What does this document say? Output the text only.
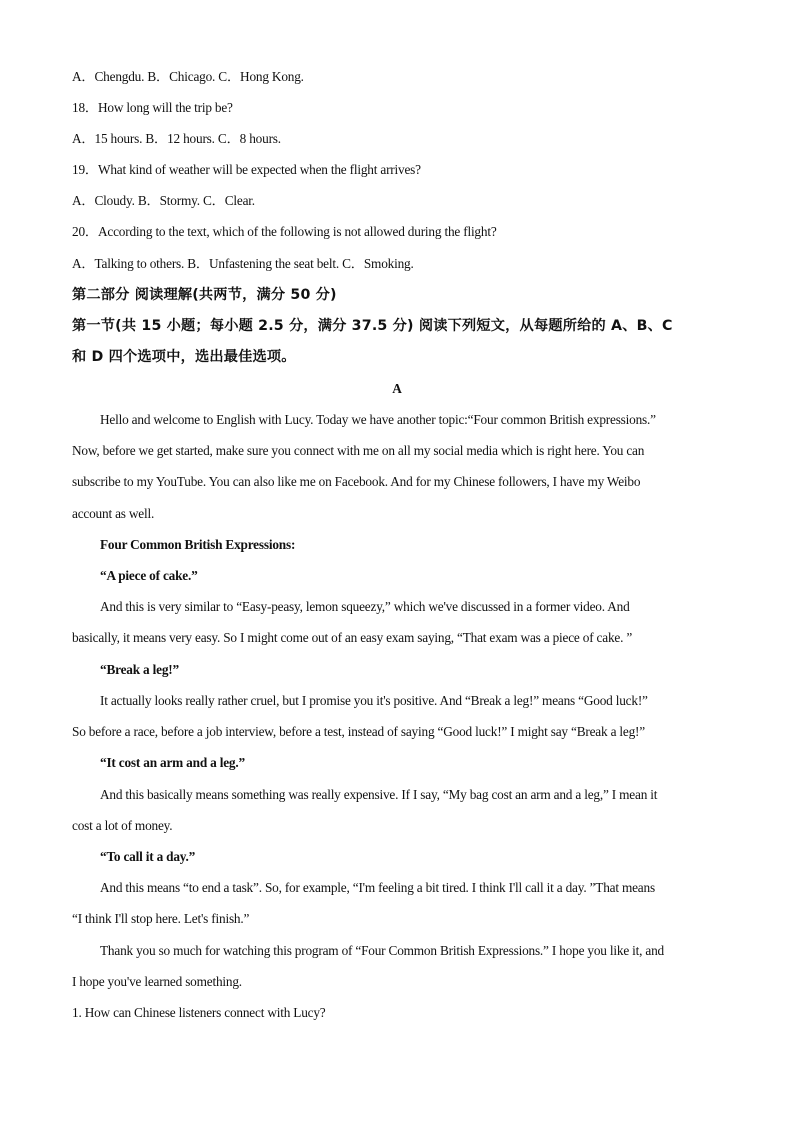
A．Chengdu. B．Chicago. C．Hong Kong.
18．How long will the trip be?
A．15 hours. B．12 hours. C．8 hours.
19．What kind of weather will be expected when the flight arrives?
A．Cloudy. B．Stormy. C．Clear.
20．According to the text, which of the following is not allowed during the flight?
A．Talking to others. B．Unfastening the seat belt. C．Smoking.
第二部分 阅读理解(共两节，满分 50 分)
第一节(共 15 小题；每小题 2.5 分，满分 37.5 分) 阅读下列短文，从每题所给的 A、B、C
和 D 四个选项中，选出最佳选项。
A
Hello and welcome to English with Lucy. Today we have another topic:“Four common British expressions.”
Now, before we get started, make sure you connect with me on all my social media which is right here. You can
subscribe to my YouTube. You can also like me on Facebook. And for my Chinese followers, I have my Weibo
account as well.
Four Common British Expressions:
“A piece of cake.”
And this is very similar to “Easy-peasy, lemon squeezy,” which we've discussed in a former video. And
basically, it means very easy. So I might come out of an easy exam saying, “That exam was a piece of cake. ”
“Break a leg!”
It actually looks really rather cruel, but I promise you it's positive. And “Break a leg!” means “Good luck!”
So before a race, before a job interview, before a test, instead of saying “Good luck!” I might say “Break a leg!”
“It cost an arm and a leg.”
And this basically means something was really expensive. If I say, “My bag cost an arm and a leg,” I mean it
cost a lot of money.
“To call it a day.”
And this means “to end a task”. So, for example, “I'm feeling a bit tired. I think I'll call it a day. ”That means
“I think I'll stop here. Let's finish.”
Thank you so much for watching this program of “Four Common British Expressions.” I hope you like it, and
I hope you've learned something.
1. How can Chinese listeners connect with Lucy?
